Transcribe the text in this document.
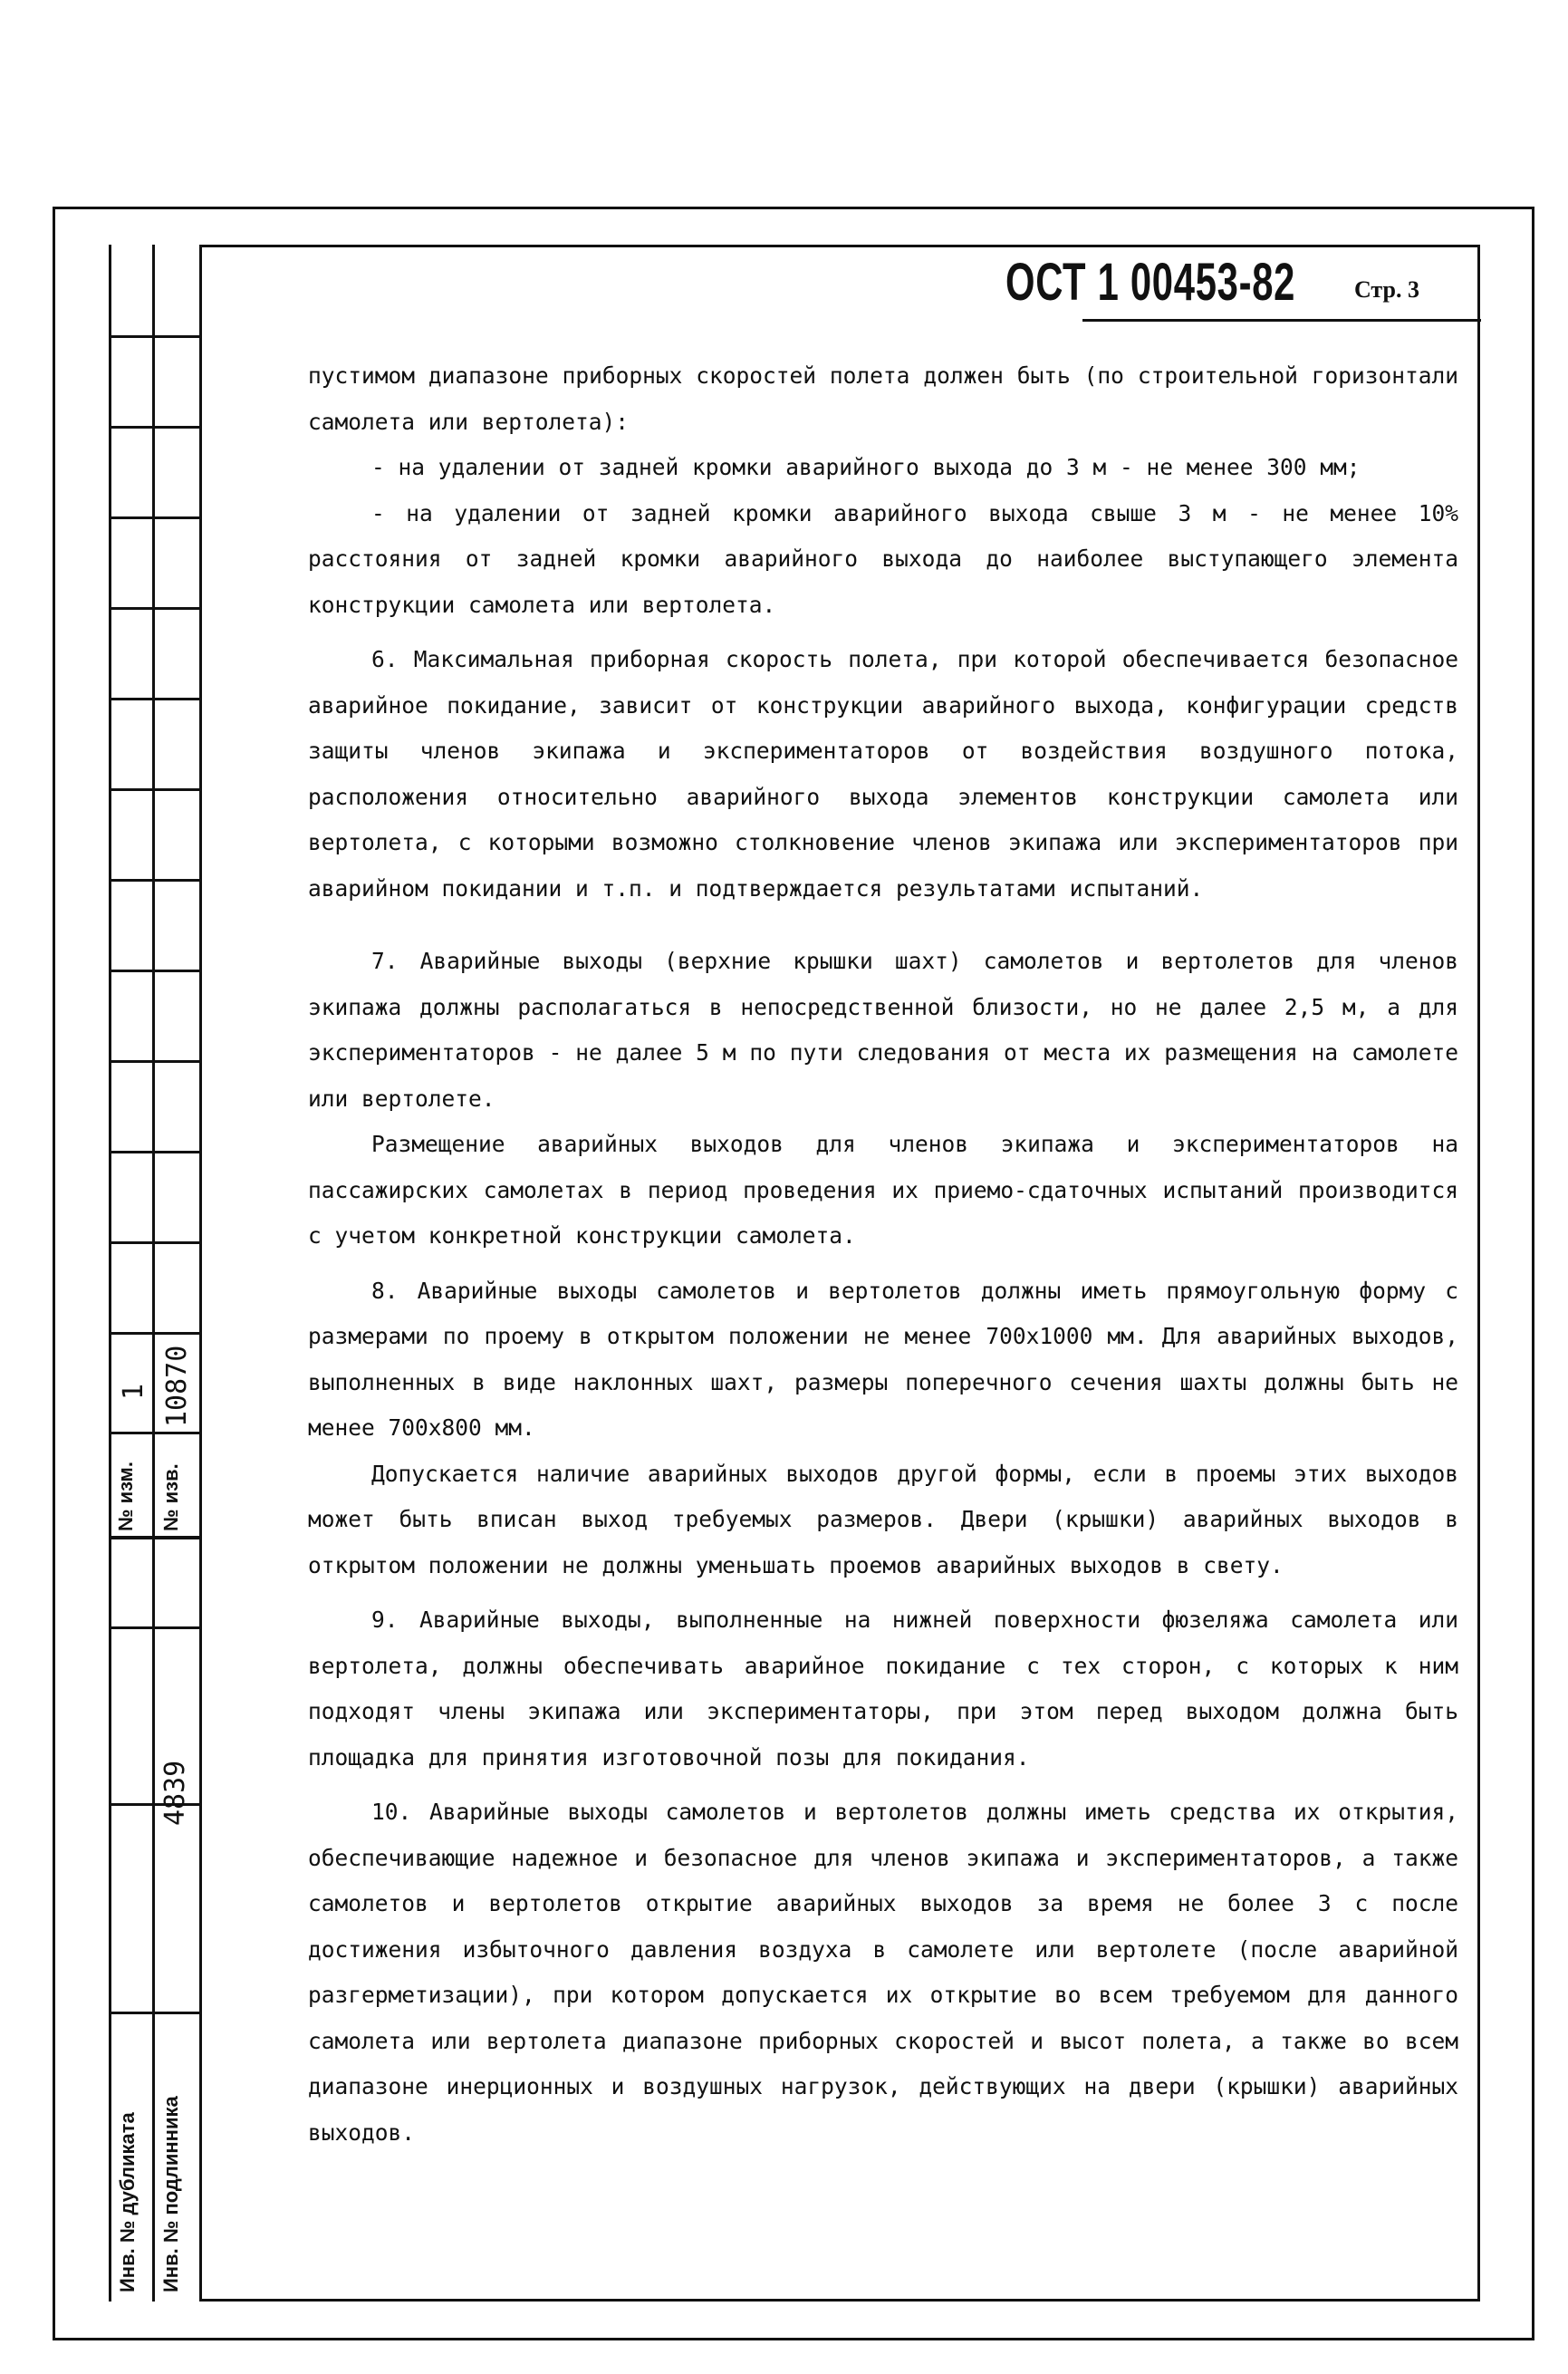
№ изм.
1
№ изв.
10870
Инв. № дубликата Инв. № подлинника
4839
ОСТ 1 00453-82 Стр. 3

пустимом диапазоне приборных скоростей полета должен быть (по строительной горизонтали самолета или вертолета):

- на удалении от задней кромки аварийного выхода до 3 м - не менее 300 мм;

- на удалении от задней кромки аварийного выхода свыше 3 м - не менее 10% расстояния от задней кромки аварийного выхода до наиболее выступающего элемента конструкции самолета или вертолета.

6. Максимальная приборная скорость полета, при которой обеспечивается безопасное аварийное покидание, зависит от конструкции аварийного выхода, конфигурации средств защиты членов экипажа и экспериментаторов от воздействия воздушного потока, расположения относительно аварийного выхода элементов конструкции самолета или вертолета, с которыми возможно столкновение членов экипажа или экспериментаторов при аварийном покидании и т.п. и подтверждается результатами испытаний.

7. Аварийные выходы (верхние крышки шахт) самолетов и вертолетов для членов экипажа должны располагаться в непосредственной близости, но не далее 2,5 м, а для экспериментаторов - не далее 5 м по пути следования от места их размещения на самолете или вертолете.

Размещение аварийных выходов для членов экипажа и экспериментаторов на пассажирских самолетах в период проведения их приемо-сдаточных испытаний производится с учетом конкретной конструкции самолета.

8. Аварийные выходы самолетов и вертолетов должны иметь прямоугольную форму с размерами по проему в открытом положении не менее 700х1000 мм. Для аварийных выходов, выполненных в виде наклонных шахт, размеры поперечного сечения шахты должны быть не менее 700х800 мм.

Допускается наличие аварийных выходов другой формы, если в проемы этих выходов может быть вписан выход требуемых размеров. Двери (крышки) аварийных выходов в открытом положении не должны уменьшать проемов аварийных выходов в свету.

9. Аварийные выходы, выполненные на нижней поверхности фюзеляжа самолета или вертолета, должны обеспечивать аварийное покидание с тех сторон, с которых к ним подходят члены экипажа или экспериментаторы, при этом перед выходом должна быть площадка для принятия изготовочной позы для покидания.

10. Аварийные выходы самолетов и вертолетов должны иметь средства их открытия, обеспечивающие надежное и безопасное для членов экипажа и экспериментаторов, а также самолетов и вертолетов открытие аварийных выходов за время не более 3 с после достижения избыточного давления воздуха в самолете или вертолете (после аварийной разгерметизации), при котором допускается их открытие во всем требуемом для данного самолета или вертолета диапазоне приборных скоростей и высот полета, а также во всем диапазоне инерционных и воздушных нагрузок, действующих на двери (крышки) аварийных выходов.
